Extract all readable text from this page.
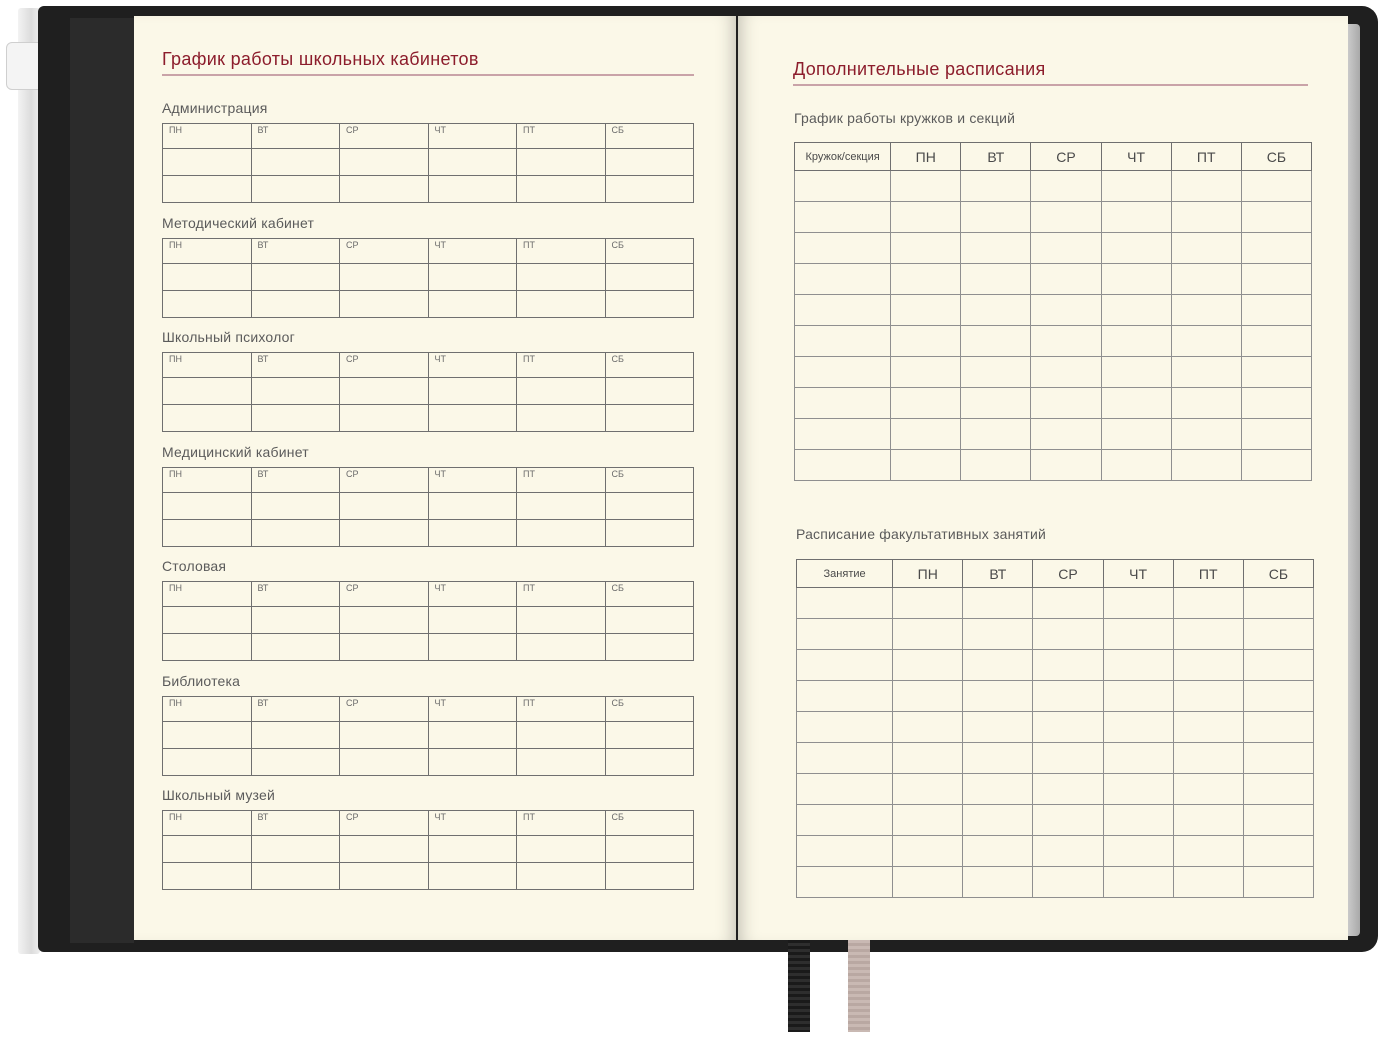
График работы школьных кабинетов
Администрация
ПН	ВТ	СР	ЧТ	ПТ	СБ

Методический кабинет
ПН	ВТ	СР	ЧТ	ПТ	СБ

Школьный психолог
ПН	ВТ	СР	ЧТ	ПТ	СБ

Медицинский кабинет
ПН	ВТ	СР	ЧТ	ПТ	СБ

Столовая
ПН	ВТ	СР	ЧТ	ПТ	СБ

Библиотека
ПН	ВТ	СР	ЧТ	ПТ	СБ

Школьный музей
ПН	ВТ	СР	ЧТ	ПТ	СБ

Дополнительные расписания
График работы кружков и секций
Кружок/секция	ПН	ВТ	СР	ЧТ	ПТ	СБ

Расписание факультативных занятий
Занятие	ПН	ВТ	СР	ЧТ	ПТ	СБ
